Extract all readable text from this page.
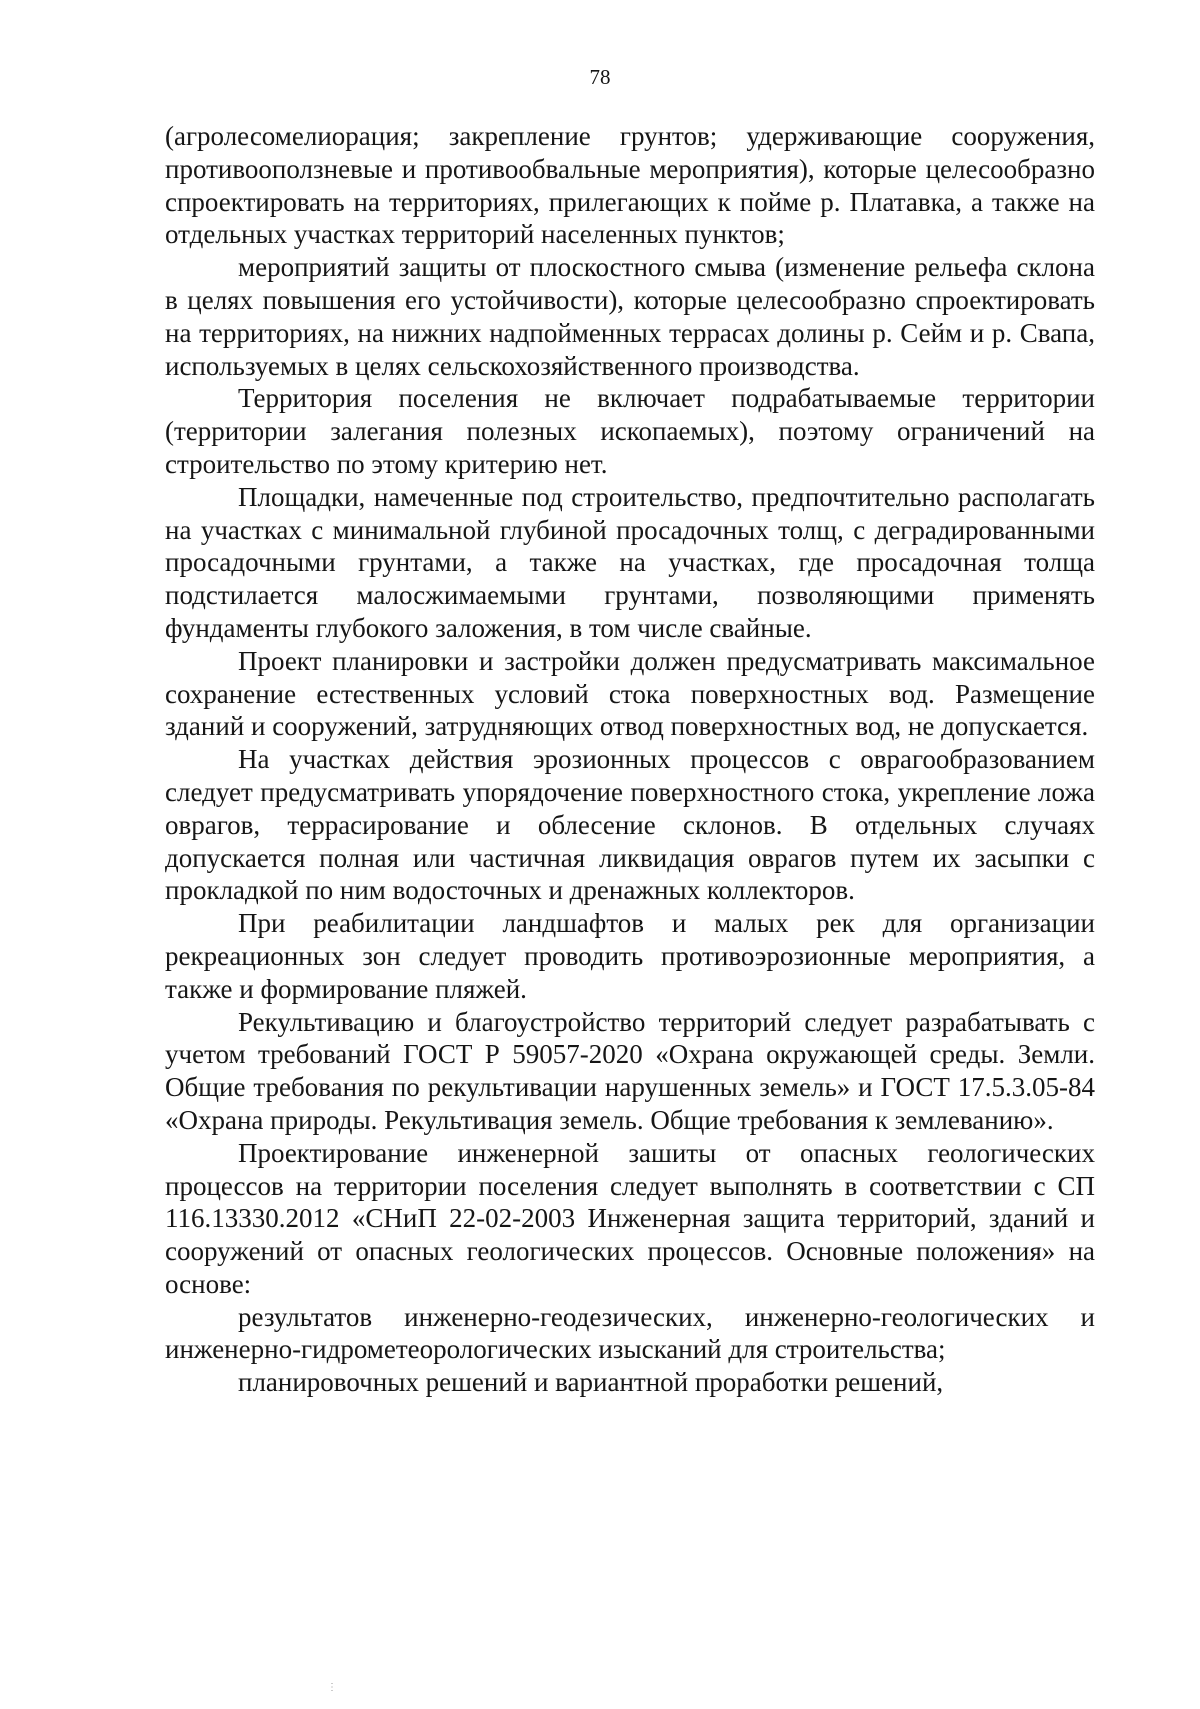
78

(агролесомелиорация; закрепление грунтов; удерживающие сооружения, противооползневые и противообвальные мероприятия), которые целесообразно спроектировать на территориях, прилегающих к пойме р. Платавка, а также на отдельных участках территорий населенных пунктов;

мероприятий защиты от плоскостного смыва (изменение рельефа склона в целях повышения его устойчивости), которые целесообразно спроектировать на территориях, на нижних надпойменных террасах долины р. Сейм и р. Свапа, используемых в целях сельскохозяйственного производства.

Территория поселения не включает подрабатываемые территории (территории залегания полезных ископаемых), поэтому ограничений на строительство по этому критерию нет.

Площадки, намеченные под строительство, предпочтительно располагать на участках с минимальной глубиной просадочных толщ, с деградированными просадочными грунтами, а также на участках, где просадочная толща подстилается малосжимаемыми грунтами, позволяющими применять фундаменты глубокого заложения, в том числе свайные.

Проект планировки и застройки должен предусматривать максимальное сохранение естественных условий стока поверхностных вод. Размещение зданий и сооружений, затрудняющих отвод поверхностных вод, не допускается.

На участках действия эрозионных процессов с оврагообразованием следует предусматривать упорядочение поверхностного стока, укрепление ложа оврагов, террасирование и облесение склонов. В отдельных случаях допускается полная или частичная ликвидация оврагов путем их засыпки с прокладкой по ним водосточных и дренажных коллекторов.

При реабилитации ландшафтов и малых рек для организации рекреационных зон следует проводить противоэрозионные мероприятия, а также и формирование пляжей.

Рекультивацию и благоустройство территорий следует разрабатывать с учетом требований ГОСТ Р 59057-2020 «Охрана окружающей среды. Земли. Общие требования по рекультивации нарушенных земель» и ГОСТ 17.5.3.05-84 «Охрана природы. Рекультивация земель. Общие требования к землеванию».

Проектирование инженерной зашиты от опасных геологических процессов на территории поселения следует выполнять в соответствии с СП 116.13330.2012 «СНиП 22-02-2003 Инженерная защита территорий, зданий и сооружений от опасных геологических процессов. Основные положения» на основе:

результатов инженерно-геодезических, инженерно-геологических и инженерно-гидрометеорологических изысканий для строительства;

планировочных решений и вариантной проработки решений,

⋮
